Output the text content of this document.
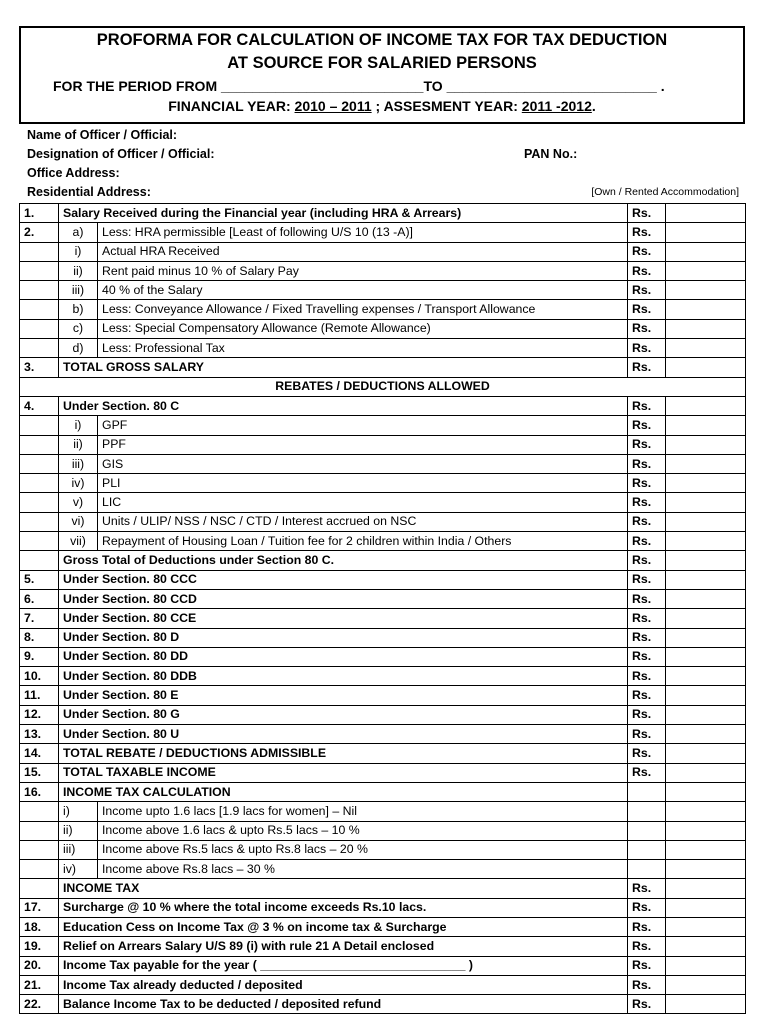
PROFORMA FOR CALCULATION OF INCOME TAX FOR TAX DEDUCTION
AT SOURCE FOR SALARIED PERSONS
FOR THE PERIOD FROM __________________________TO ___________________________ .
FINANCIAL YEAR: 2010 – 2011 ; ASSESMENT YEAR: 2011 -2012.
Name of Officer / Official:
Designation of Officer / Official:	PAN No.:
Office Address:
Residential Address:	[Own / Rented Accommodation]
1.	Salary Received during the Financial year (including HRA & Arrears)		Rs.	
2.	a)	Less: HRA permissible [Least of following U/S 10 (13 -A)]	Rs.	
	i)	Actual HRA Received	Rs.	
	ii)	Rent paid minus 10 % of Salary Pay	Rs.	
	iii)	40 % of the Salary	Rs.	
	b)	Less: Conveyance Allowance / Fixed Travelling expenses / Transport Allowance	Rs.	
	c)	Less: Special Compensatory Allowance (Remote Allowance)	Rs.	
	d)	Less: Professional Tax	Rs.	
3.	TOTAL GROSS SALARY		Rs.	
REBATES / DEDUCTIONS ALLOWED				
4.	Under Section. 80 C		Rs.	
	i)	GPF	Rs.	
	ii)	PPF	Rs.	
	iii)	GIS	Rs.	
	iv)	PLI	Rs.	
	v)	LIC	Rs.	
	vi)	Units / ULIP/ NSS / NSC / CTD / Interest accrued on NSC	Rs.	
	vii)	Repayment of Housing Loan / Tuition fee for 2 children within India / Others	Rs.	
	Gross Total of Deductions under Section 80 C.		Rs.	
5.	Under Section. 80 CCC		Rs.	
6.	Under Section. 80 CCD		Rs.	
7.	Under Section. 80 CCE		Rs.	
8.	Under Section. 80 D		Rs.	
9.	Under Section. 80 DD		Rs.	
10.	Under Section. 80 DDB		Rs.	
11.	Under Section. 80 E		Rs.	
12.	Under Section. 80 G		Rs.	
13.	Under Section. 80 U		Rs.	
14.	TOTAL REBATE / DEDUCTIONS ADMISSIBLE		Rs.	
15.	TOTAL TAXABLE INCOME		Rs.	
16.	INCOME TAX CALCULATION			
	i)	Income upto 1.6 lacs [1.9 lacs for women] – Nil		
	ii)	Income above 1.6 lacs & upto Rs.5 lacs – 10 %		
	iii)	Income above Rs.5 lacs & upto Rs.8 lacs – 20 %		
	iv)	Income above Rs.8 lacs – 30 %		
	INCOME TAX		Rs.	
17.	Surcharge @ 10 % where the total income exceeds Rs.10 lacs.		Rs.	
18.	Education Cess on Income Tax @ 3 % on income tax & Surcharge		Rs.	
19.	Relief on Arrears Salary U/S 89 (i) with rule 21 A Detail enclosed		Rs.	
20.	Income Tax payable for the year ( ______________________________ )		Rs.	
21.	Income Tax already deducted / deposited		Rs.	
22.	Balance Income Tax to be deducted / deposited refund		Rs.	
